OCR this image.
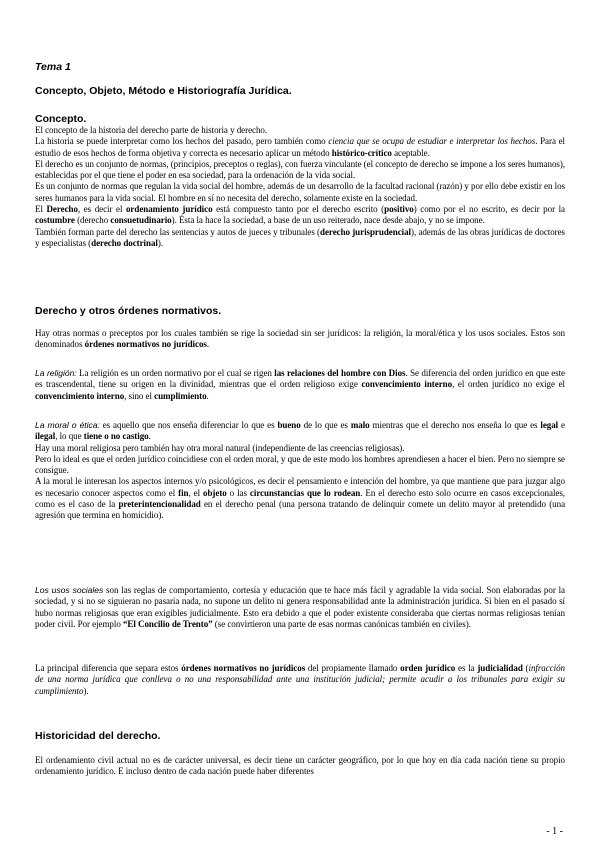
Tema 1
Concepto, Objeto, Método e Historiografía Jurídica.

Concepto.

El concepto de la historia del derecho parte de historia y derecho.

La historia se puede interpretar como los hechos del pasado, pero también como ciencia que se ocupa de estudiar e interpretar los hechos. Para el estudio de esos hechos de forma objetiva y correcta es necesario aplicar un método histórico-crítico aceptable.

El derecho es un conjunto de normas, (principios, preceptos o reglas), con fuerza vinculante (el concepto de derecho se impone a los seres humanos), establecidas por el que tiene el poder en esa sociedad, para la ordenación de la vida social.

Es un conjunto de normas que regulan la vida social del hombre, además de un desarrollo de la facultad racional (razón) y por ello debe existir en los seres humanos para la vida social. El hombre en sí no necesita del derecho, solamente existe en la sociedad.

El Derecho, es decir el ordenamiento jurídico está compuesto tanto por el derecho escrito (positivo) como por el no escrito, es decir por la costumbre (derecho consuetudinario). Ésta la hace la sociedad, a base de un uso reiterado, nace desde abajo, y no se impone.

También forman parte del derecho las sentencias y autos de jueces y tribunales (derecho jurisprudencial), además de las obras jurídicas de doctores y especialistas (derecho doctrinal).

Derecho y otros órdenes normativos.

Hay otras normas o preceptos por los cuales también se rige la sociedad sin ser jurídicos: la religión, la moral/ética y los usos sociales. Estos son denominados órdenes normativos no jurídicos.

La religión: La religión es un orden normativo por el cual se rigen las relaciones del hombre con Dios. Se diferencia del orden jurídico en que este es trascendental, tiene su origen en la divinidad, mientras que el orden religioso exige convencimiento interno, el orden jurídico no exige el convencimiento interno, sino el cumplimiento.

La moral o ética: es aquello que nos enseña diferenciar lo que es bueno de lo que es malo mientras que el derecho nos enseña lo que es legal e ilegal, lo que tiene o no castigo.

Hay una moral religiosa pero también hay otra moral natural (independiente de las creencias religiosas).

Pero lo ideal es que el orden jurídico coincidiese con el orden moral, y que de este modo los hombres aprendiesen a hacer el bien. Pero no siempre se consigue.

A la moral le interesan los aspectos internos y/o psicológicos, es decir el pensamiento e intención del hombre, ya que mantiene que para juzgar algo es necesario conocer aspectos como el fin, el objeto o las circunstancias que lo rodean. En el derecho esto solo ocurre en casos excepcionales, como es el caso de la preterintencionalidad en el derecho penal (una persona tratando de delinquir comete un delito mayor al pretendido (una agresión que termina en homicidio).

Los usos sociales son las reglas de comportamiento, cortesía y educación que te hace más fácil y agradable la vida social. Son elaboradas por la sociedad, y si no se siguieran no pasaría nada, no supone un delito ni genera responsabilidad ante la administración jurídica. Si bien en el pasado sí hubo normas religiosas que eran exigibles judicialmente. Esto era debido a que el poder existente consideraba que ciertas normas religiosas tenían poder civil. Por ejemplo “El Concilio de Trento” (se convirtieron una parte de esas normas canónicas también en civiles).

La principal diferencia que separa estos órdenes normativos no jurídicos del propiamente llamado orden jurídico es la judicialidad (infracción de una norma jurídica que conlleva o no una responsabilidad ante una institución judicial; permite acudir a los tribunales para exigir su cumplimiento).

Historicidad del derecho.

El ordenamiento civil actual no es de carácter universal, es decir tiene un carácter geográfico, por lo que hoy en día cada nación tiene su propio ordenamiento jurídico. E incluso dentro de cada nación puede haber diferentes

- 1 -
